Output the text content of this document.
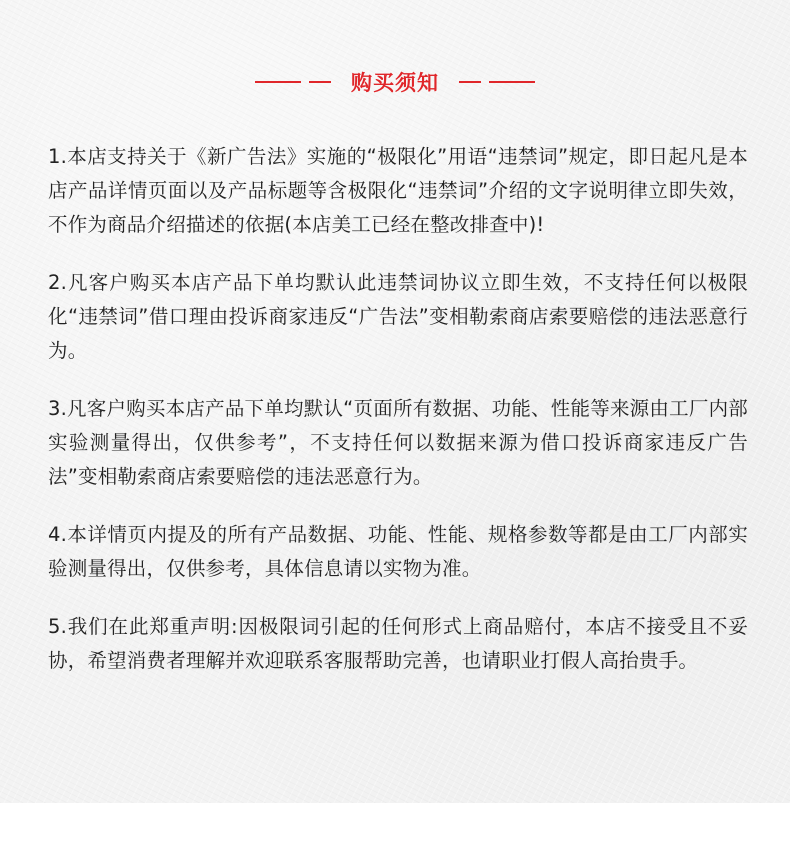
购买须知

1.本店支持关于《新广告法》实施的“极限化”用语“违禁词”规定，即日起凡是本店产品详情页面以及产品标题等含极限化“违禁词”介绍的文字说明律立即失效，不作为商品介绍描述的依据(本店美工已经在整改排查中)!

2.凡客户购买本店产品下单均默认此违禁词协议立即生效，不支持任何以极限化“违禁词”借口理由投诉商家违反“广告法”变相勒索商店索要赔偿的违法恶意行为。

3.凡客户购买本店产品下单均默认“页面所有数据、功能、性能等来源由工厂内部实验测量得出，仅供参考”，不支持任何以数据来源为借口投诉商家违反广告法”变相勒索商店索要赔偿的违法恶意行为。

4.本详情页内提及的所有产品数据、功能、性能、规格参数等都是由工厂内部实验测量得出，仅供参考，具体信息请以实物为准。

5.我们在此郑重声明:因极限词引起的任何形式上商品赔付，本店不接受且不妥协，希望消费者理解并欢迎联系客服帮助完善，也请职业打假人高抬贵手。
